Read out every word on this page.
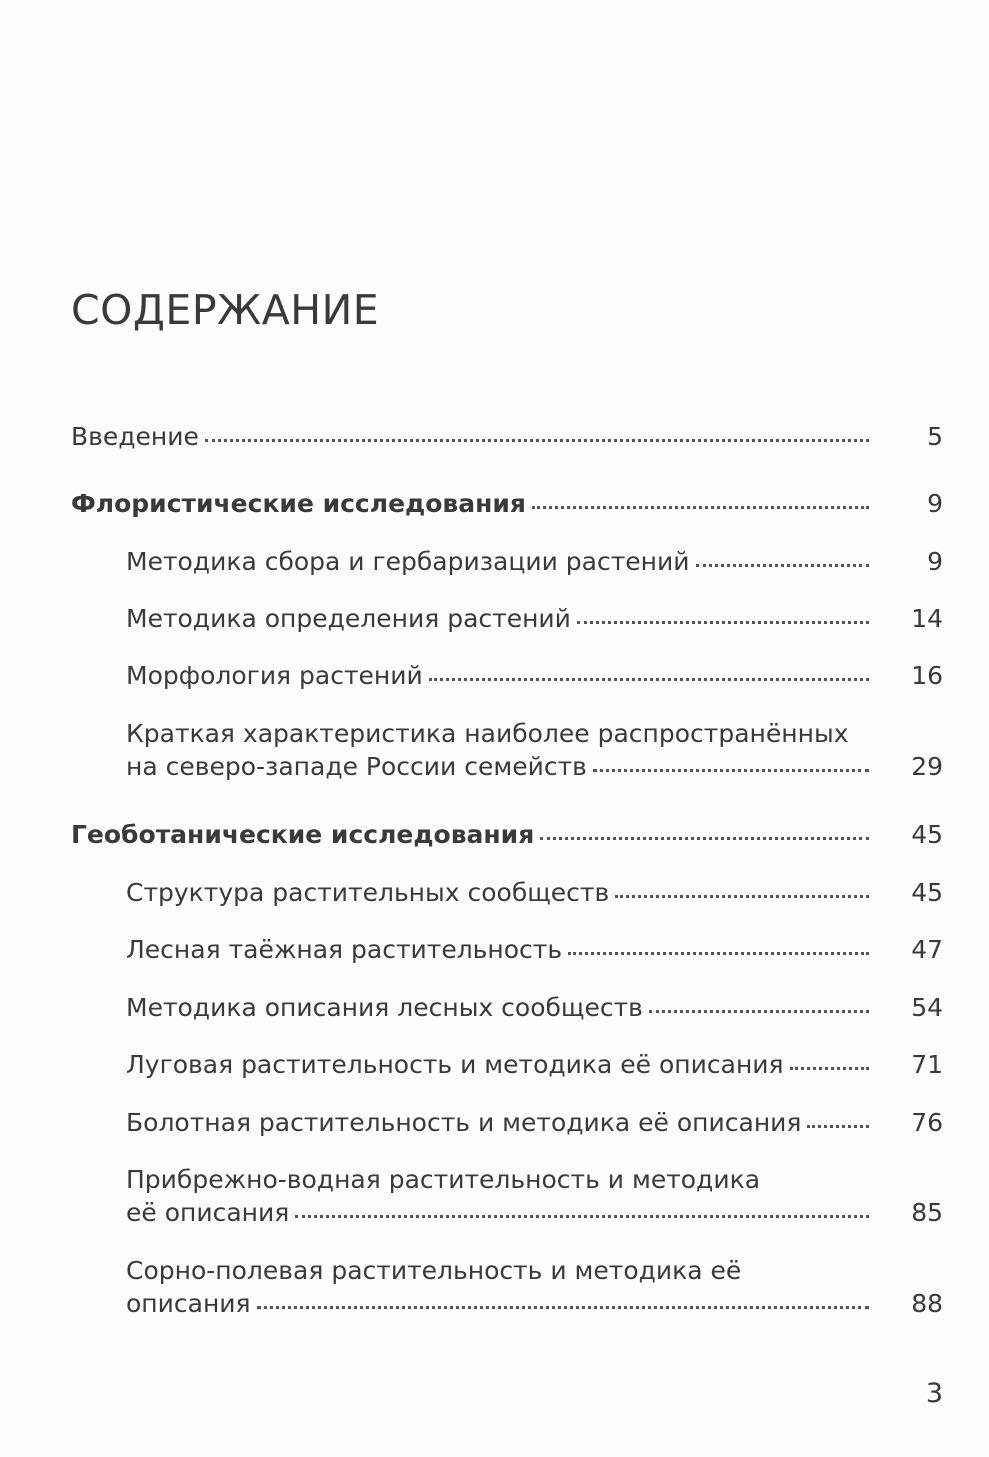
СОДЕРЖАНИЕ
Введение	5
Флористические исследования	9
Методика сбора и гербаризации растений	9
Методика определения растений	14
Морфология растений	16
Краткая характеристика наиболее распространённых
на северо-западе России семейств	29
Геоботанические исследования	45
Структура растительных сообществ	45
Лесная таёжная растительность	47
Методика описания лесных сообществ	54
Луговая растительность и методика её описания	71
Болотная растительность и методика её описания	76
Прибрежно-водная растительность и методика
её описания	85
Сорно-полевая растительность и методика её
описания	88
3
